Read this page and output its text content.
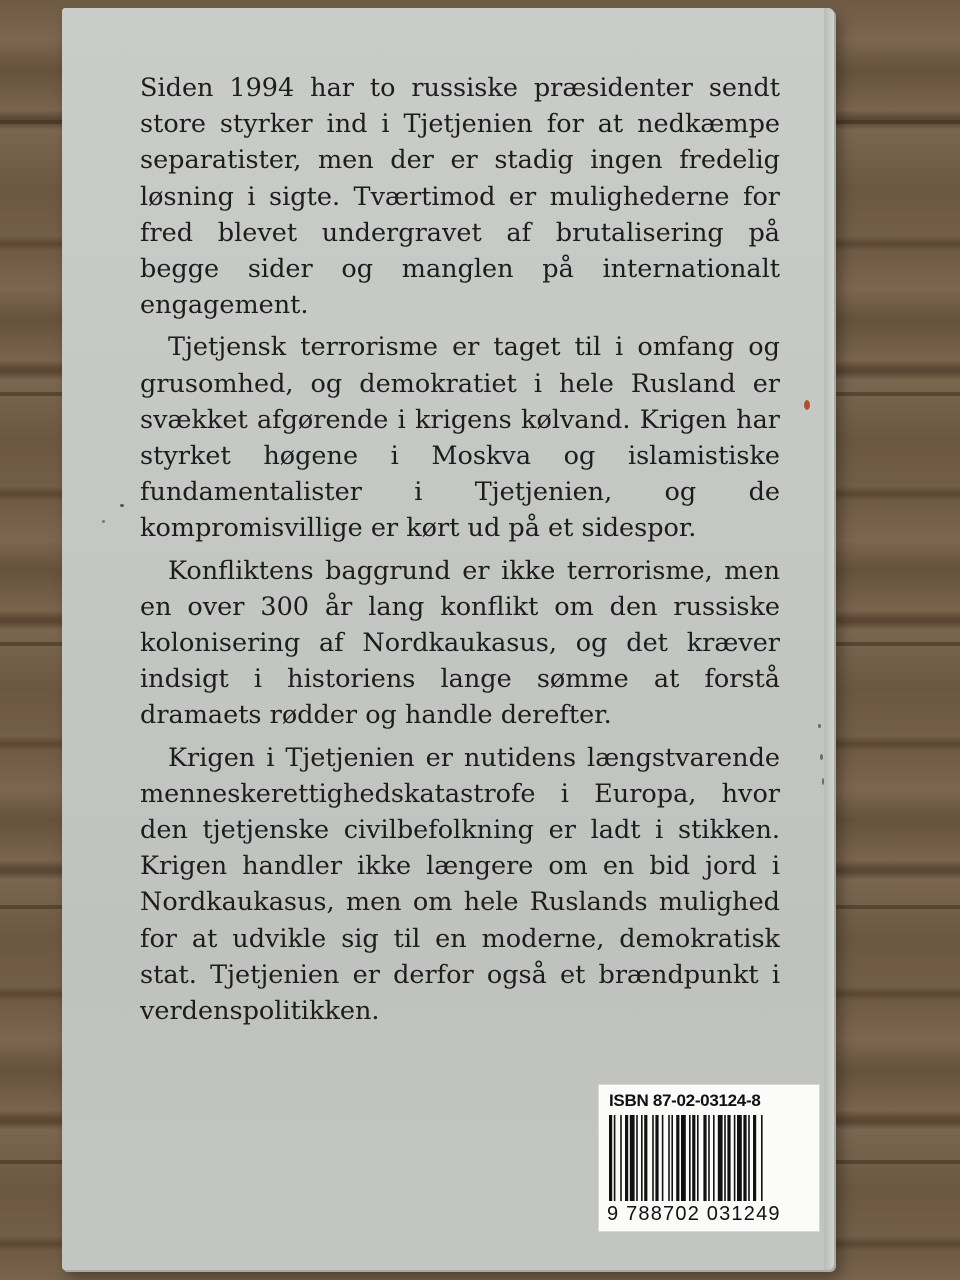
Siden 1994 har to russiske præsidenter sendt store styrker ind i Tjetjenien for at nedkæmpe separatister, men der er stadig ingen fredelig løsning i sigte. Tværtimod er mulighederne for fred blevet undergravet af brutalisering på begge sider og manglen på internationalt engagement.

Tjetjensk terrorisme er taget til i omfang og grusomhed, og demokratiet i hele Rusland er svækket afgørende i krigens kølvand. Krigen har styrket høgene i Moskva og islamistiske fundamentalister i Tjetjenien, og de kompromisvillige er kørt ud på et sidespor.

Konfliktens baggrund er ikke terrorisme, men en over 300 år lang konflikt om den russiske kolonisering af Nordkaukasus, og det kræver indsigt i historiens lange sømme at forstå dramaets rødder og handle derefter.

Krigen i Tjetjenien er nutidens længstvarende menneskerettighedskatastrofe i Europa, hvor den tjetjenske civilbefolkning er ladt i stikken. Krigen handler ikke længere om en bid jord i Nordkaukasus, men om hele Ruslands mulighed for at udvikle sig til en moderne, demokratisk stat. Tjetjenien er derfor også et brændpunkt i verdenspolitikken.

ISBN 87-02-03124-8
9 788702 031249
